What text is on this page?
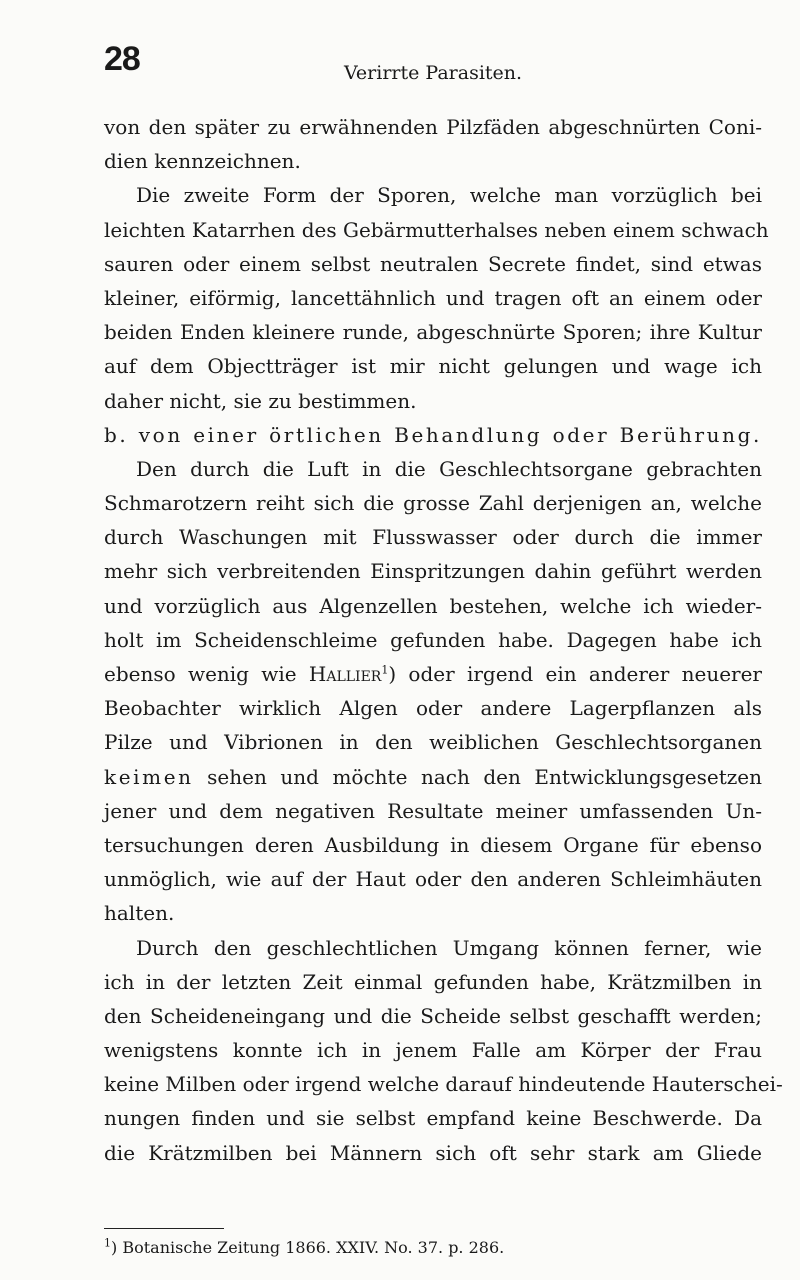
28	Verirrte Parasiten.
von den später zu erwähnenden Pilzfäden abgeschnürten Coni-
dien kennzeichnen.
Die zweite Form der Sporen, welche man vorzüglich bei
leichten Katarrhen des Gebärmutterhalses neben einem schwach
sauren oder einem selbst neutralen Secrete findet, sind etwas
kleiner, eiförmig, lancettähnlich und tragen oft an einem oder
beiden Enden kleinere runde, abgeschnürte Sporen; ihre Kultur
auf dem Objectträger ist mir nicht gelungen und wage ich
daher nicht, sie zu bestimmen.
b. von einer örtlichen Behandlung oder Berührung.
Den durch die Luft in die Geschlechtsorgane gebrachten
Schmarotzern reiht sich die grosse Zahl derjenigen an, welche
durch Waschungen mit Flusswasser oder durch die immer
mehr sich verbreitenden Einspritzungen dahin geführt werden
und vorzüglich aus Algenzellen bestehen, welche ich wieder-
holt im Scheidenschleime gefunden habe. Dagegen habe ich
ebenso wenig wie Hallier$^1$) oder irgend ein anderer neuerer
Beobachter wirklich Algen oder andere Lagerpflanzen als
Pilze und Vibrionen in den weiblichen Geschlechtsorganen
keimen sehen und möchte nach den Entwicklungsgesetzen
jener und dem negativen Resultate meiner umfassenden Un-
tersuchungen deren Ausbildung in diesem Organe für ebenso
unmöglich, wie auf der Haut oder den anderen Schleimhäuten
halten.
Durch den geschlechtlichen Umgang können ferner, wie
ich in der letzten Zeit einmal gefunden habe, Krätzmilben in
den Scheideneingang und die Scheide selbst geschafft werden;
wenigstens konnte ich in jenem Falle am Körper der Frau
keine Milben oder irgend welche darauf hindeutende Hauterschei-
nungen finden und sie selbst empfand keine Beschwerde. Da
die Krätzmilben bei Männern sich oft sehr stark am Gliede
$^1$) Botanische Zeitung 1866. XXIV. No. 37. p. 286.
